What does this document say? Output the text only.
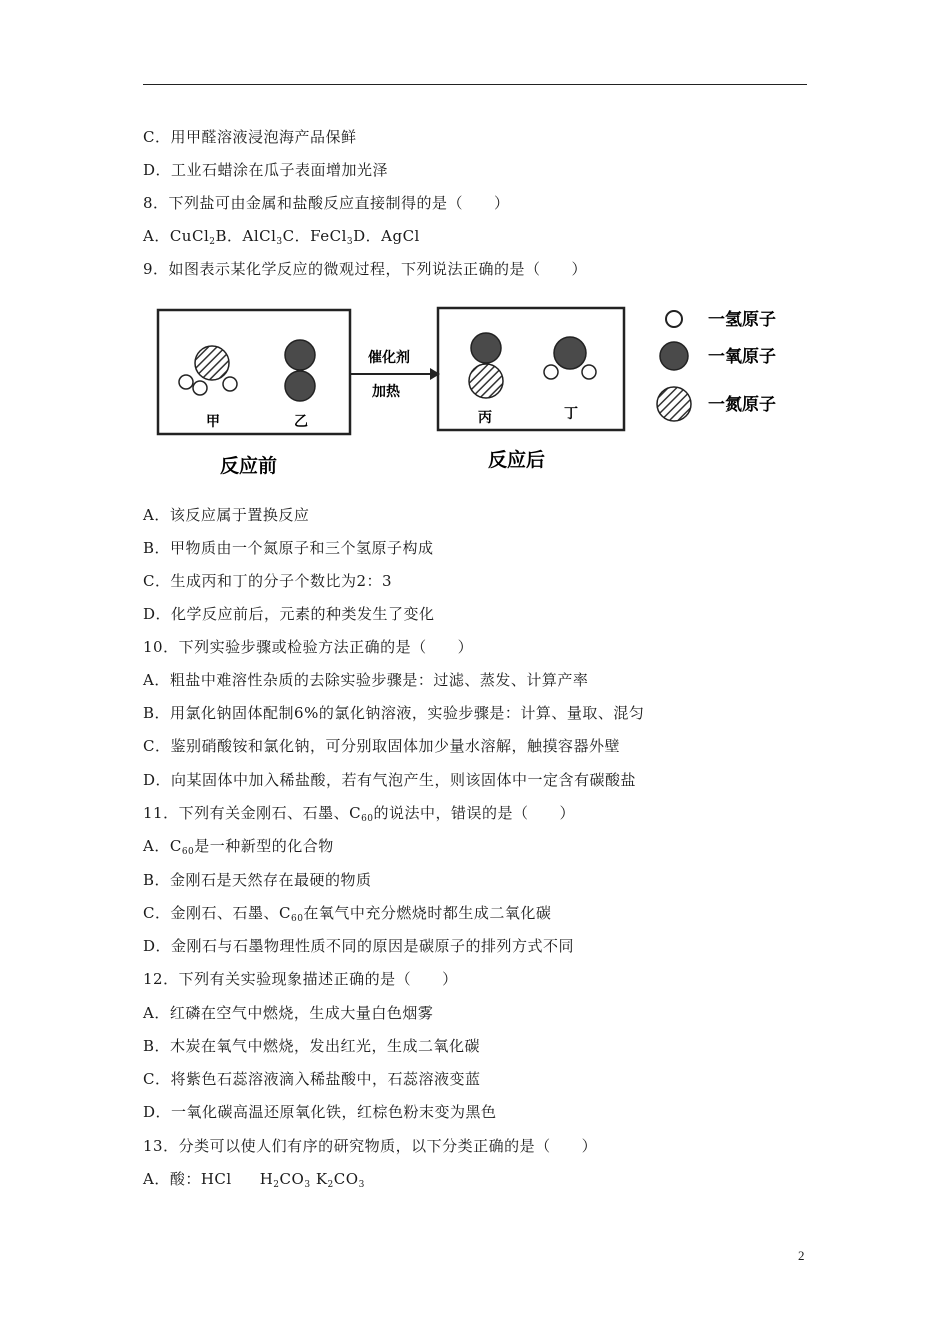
C．用甲醛溶液浸泡海产品保鲜
D．工业石蜡涂在瓜子表面增加光泽
8．下列盐可由金属和盐酸反应直接制得的是（　　）
A．CuCl$_2$B．AlCl$_3$C．FeCl$_3$D．AgCl
9．如图表示某化学反应的微观过程，下列说法正确的是（　　）
甲	乙
催化剂
加热
丙	丁
反应前	反应后
一氢原子
一氧原子
一氮原子
A．该反应属于置换反应
B．甲物质由一个氮原子和三个氢原子构成
C．生成丙和丁的分子个数比为2：3
D．化学反应前后，元素的种类发生了变化
10．下列实验步骤或检验方法正确的是（　　）
A．粗盐中难溶性杂质的去除实验步骤是：过滤、蒸发、计算产率
B．用氯化钠固体配制6%的氯化钠溶液，实验步骤是：计算、量取、混匀
C．鉴别硝酸铵和氯化钠，可分别取固体加少量水溶解，触摸容器外壁
D．向某固体中加入稀盐酸，若有气泡产生，则该固体中一定含有碳酸盐
11．下列有关金刚石、石墨、$C_{60}$的说法中，错误的是（　　）
A．$C_{60}$是一种新型的化合物
B．金刚石是天然存在最硬的物质
C．金刚石、石墨、$C_{60}$在氧气中充分燃烧时都生成二氧化碳
D．金刚石与石墨物理性质不同的原因是碳原子的排列方式不同
12．下列有关实验现象描述正确的是（　　）
A．红磷在空气中燃烧，生成大量白色烟雾
B．木炭在氧气中燃烧，发出红光，生成二氧化碳
C．将紫色石蕊溶液滴入稀盐酸中，石蕊溶液变蓝
D．一氧化碳高温还原氧化铁，红棕色粉末变为黑色
13．分类可以使人们有序的研究物质，以下分类正确的是（　　）
A．酸：HCl $H_2CO_3$ $K_2CO_3$
2
